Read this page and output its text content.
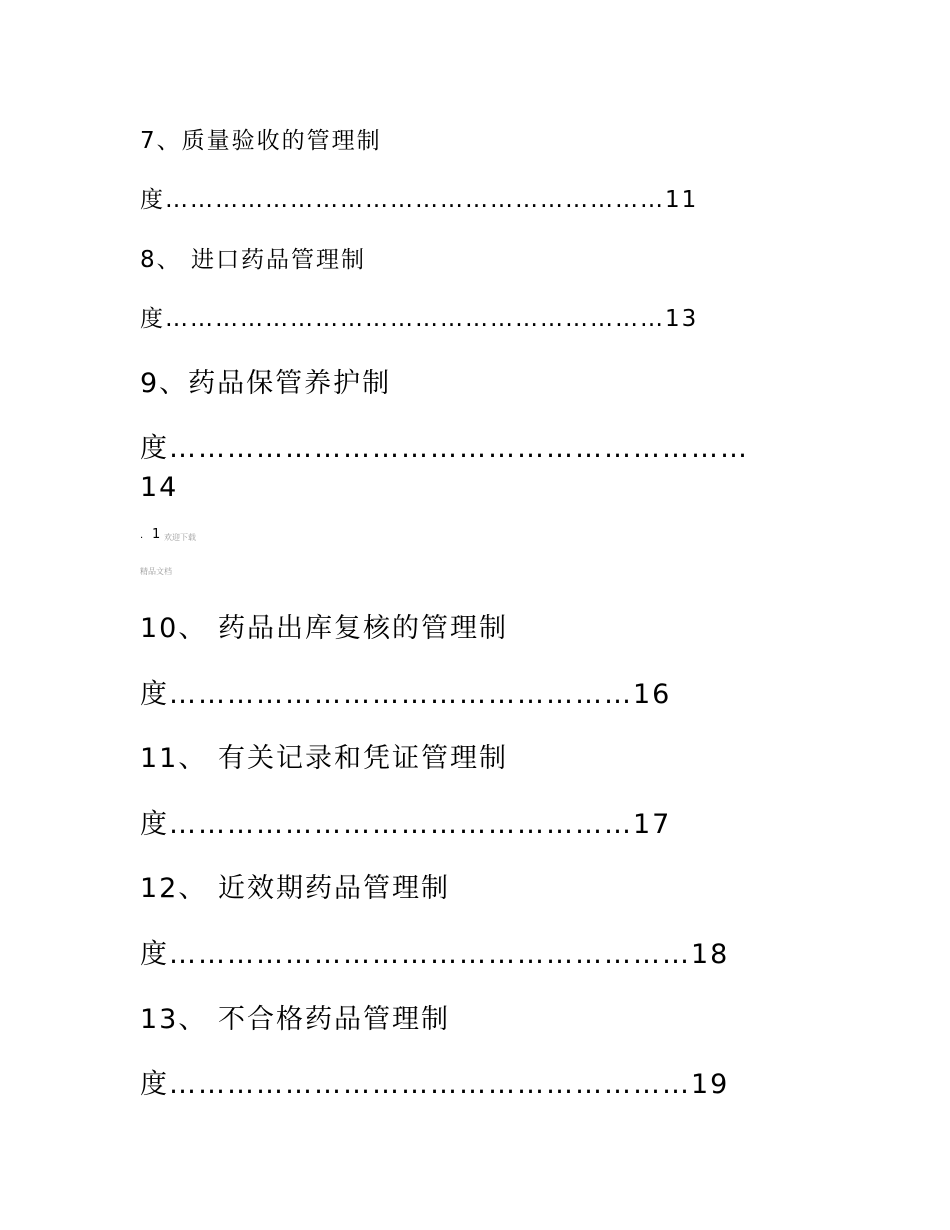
7、质量验收的管理制
度……………………………………………………11
8、 进口药品管理制
度……………………………………………………13
9、药品保管养护制
度……………………………………………………
14
. 1 欢迎下载
精品文档
10、 药品出库复核的管理制
度…………………………………………16
11、 有关记录和凭证管理制
度…………………………………………17
12、 近效期药品管理制
度………………………………………………18
13、 不合格药品管理制
度………………………………………………19
